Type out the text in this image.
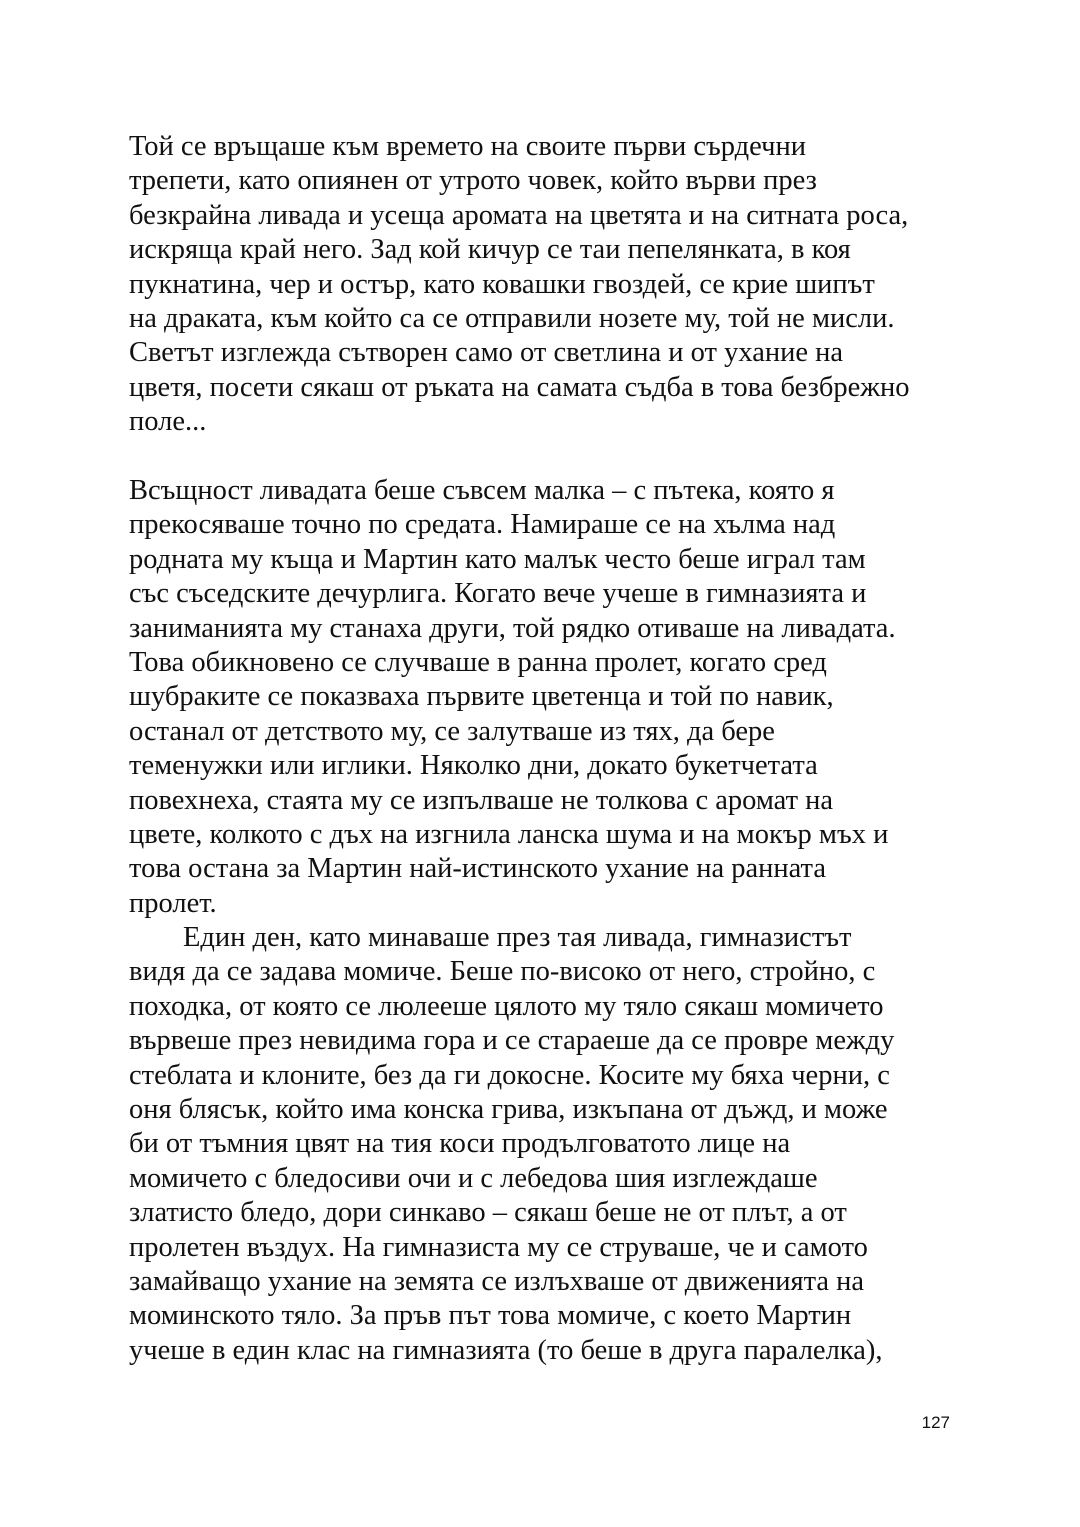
Той се връщаше към времето на своите първи сърдечни
трепети, като опиянен от утрото човек, който върви през
безкрайна ливада и усеща аромата на цветята и на ситната роса,
искряща край него. Зад кой кичур се таи пепелянката, в коя
пукнатина, чер и остър, като ковашки гвоздей, се крие шипът
на драката, към който са се отправили нозете му, той не мисли.
Светът изглежда сътворен само от светлина и от ухание на
цветя, посети сякаш от ръката на самата съдба в това безбрежно
поле...
Всъщност ливадата беше съвсем малка – с пътека, която я
прекосяваше точно по средата. Намираше се на хълма над
родната му къща и Мартин като малък често беше играл там
със съседските дечурлига. Когато вече учеше в гимназията и
заниманията му станаха други, той рядко отиваше на ливадата.
Това обикновено се случваше в ранна пролет, когато сред
шубраките се показваха първите цветенца и той по навик,
останал от детството му, се залутваше из тях, да бере
теменужки или иглики. Няколко дни, докато букетчетата
повехнеха, стаята му се изпълваше не толкова с аромат на
цвете, колкото с дъх на изгнила ланска шума и на мокър мъх и
това остана за Мартин най-истинското ухание на ранната
пролет.
Един ден, като минаваше през тая ливада, гимназистът
видя да се задава момиче. Беше по-високо от него, стройно, с
походка, от която се люлееше цялото му тяло сякаш момичето
вървеше през невидима гора и се стараеше да се провре между
стеблата и клоните, без да ги докосне. Косите му бяха черни, с
оня блясък, който има конска грива, изкъпана от дъжд, и може
би от тъмния цвят на тия коси продълговатото лице на
момичето с бледосиви очи и с лебедова шия изглеждаше
златисто бледо, дори синкаво – сякаш беше не от плът, а от
пролетен въздух. На гимназиста му се струваше, че и самото
замайващо ухание на земята се излъхваше от движенията на
моминското тяло. За пръв път това момиче, с което Мартин
учеше в един клас на гимназията (то беше в друга паралелка),
127
